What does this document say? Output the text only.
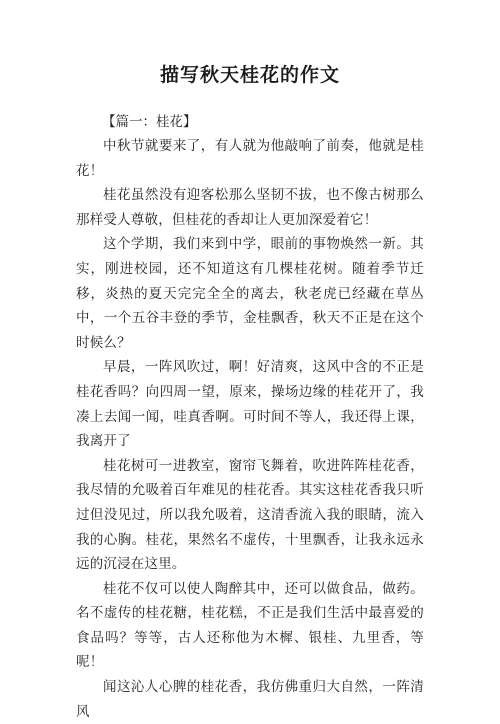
描写秋天桂花的作文
【篇一：桂花】

中秋节就要来了，有人就为他敲响了前奏，他就是桂花！

桂花虽然没有迎客松那么坚韧不拔，也不像古树那么那样受人尊敬，但桂花的香却让人更加深爱着它！

这个学期，我们来到中学，眼前的事物焕然一新。其实，刚进校园，还不知道这有几棵桂花树。随着季节迁移，炎热的夏天完完全全的离去，秋老虎已经藏在草丛中，一个五谷丰登的季节，金桂飘香，秋天不正是在这个时候么？

早晨，一阵风吹过，啊！好清爽，这风中含的不正是桂花香吗？向四周一望，原来，操场边缘的桂花开了，我凑上去闻一闻，哇真香啊。可时间不等人，我还得上课，我离开了

桂花树可一进教室，窗帘飞舞着，吹进阵阵桂花香，我尽情的允吸着百年难见的桂花香。其实这桂花香我只听过但没见过，所以我允吸着，这清香流入我的眼睛，流入我的心胸。桂花，果然名不虚传，十里飘香，让我永远永远的沉浸在这里。

桂花不仅可以使人陶醉其中，还可以做食品，做药。名不虚传的桂花糖，桂花糕，不正是我们生活中最喜爱的食品吗？等等，古人还称他为木樨、银桂、九里香，等呢！

闻这沁人心脾的桂花香，我仿佛重归大自然，一阵清风
